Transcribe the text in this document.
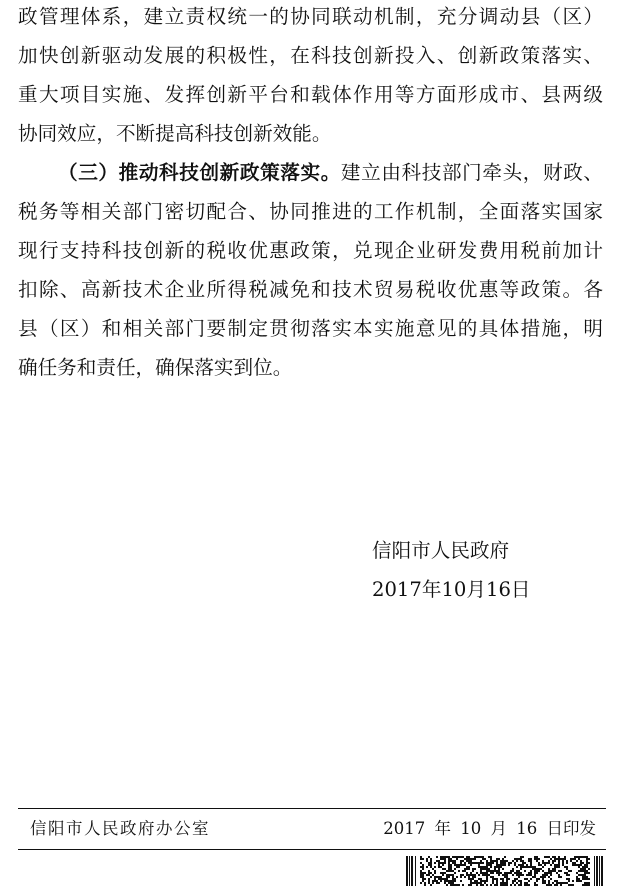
政管理体系，建立责权统一的协同联动机制，充分调动县（区）
加快创新驱动发展的积极性，在科技创新投入、创新政策落实、
重大项目实施、发挥创新平台和载体作用等方面形成市、县两级
协同效应，不断提高科技创新效能。
（三）推动科技创新政策落实。建立由科技部门牵头，财政、
税务等相关部门密切配合、协同推进的工作机制，全面落实国家
现行支持科技创新的税收优惠政策，兑现企业研发费用税前加计
扣除、高新技术企业所得税减免和技术贸易税收优惠等政策。各
县（区）和相关部门要制定贯彻落实本实施意见的具体措施，明
确任务和责任，确保落实到位。
信阳市人民政府
2017年10月16日
信阳市人民政府办公室	2017 年 10 月 16 日印发
